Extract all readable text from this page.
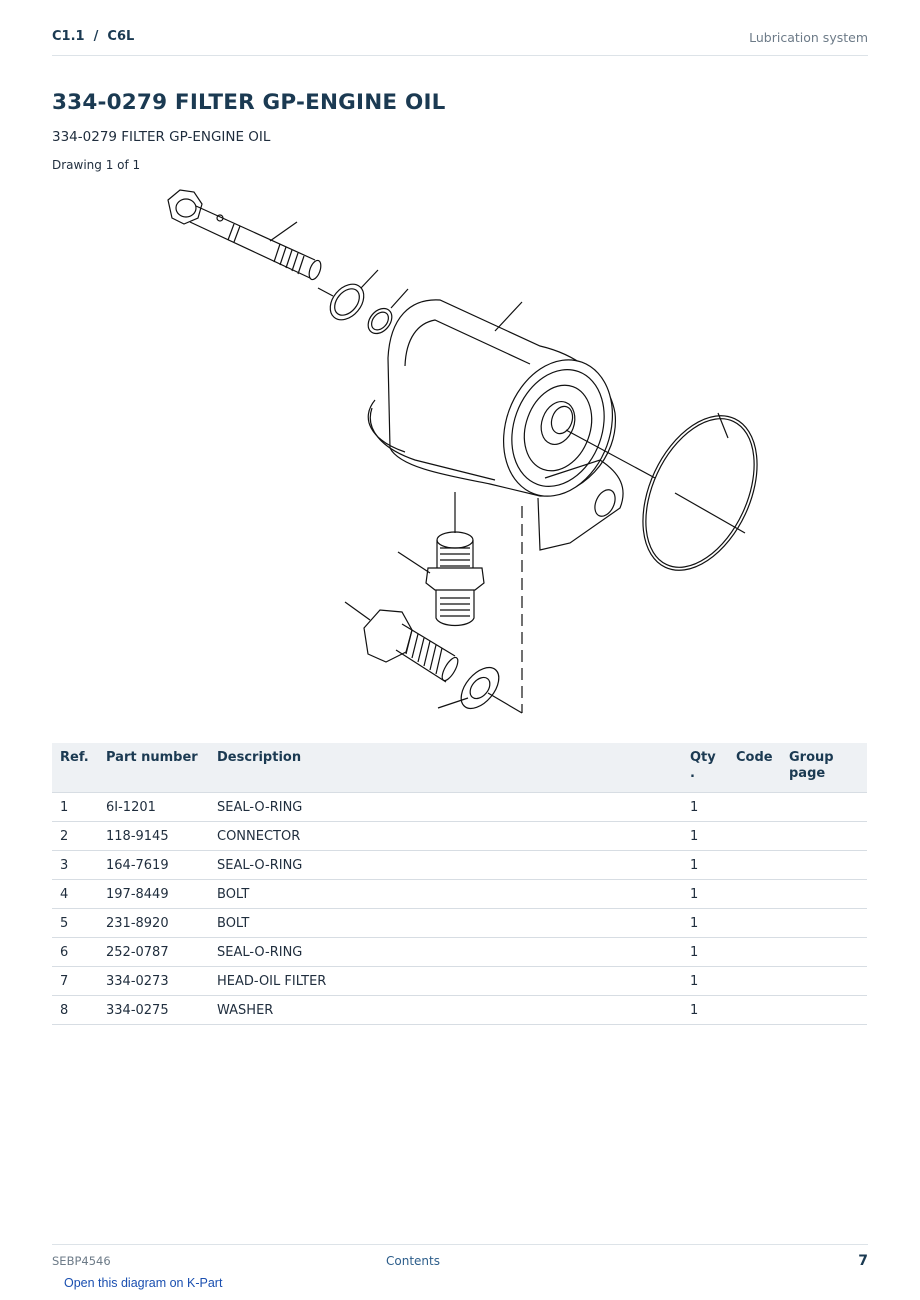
C1.1  /  C6L	Lubrication system
334-0279 FILTER GP-ENGINE OIL
334-0279 FILTER GP-ENGINE OIL
Drawing 1 of 1
Ref.	Part number	Description	Qty .	Code	Group page
1	6I-1201	SEAL-O-RING	1		
2	118-9145	CONNECTOR	1		
3	164-7619	SEAL-O-RING	1		
4	197-8449	BOLT	1		
5	231-8920	BOLT	1		
6	252-0787	SEAL-O-RING	1		
7	334-0273	HEAD-OIL FILTER	1		
8	334-0275	WASHER	1		
SEBP4546	Contents	7
Open this diagram on K-Part
